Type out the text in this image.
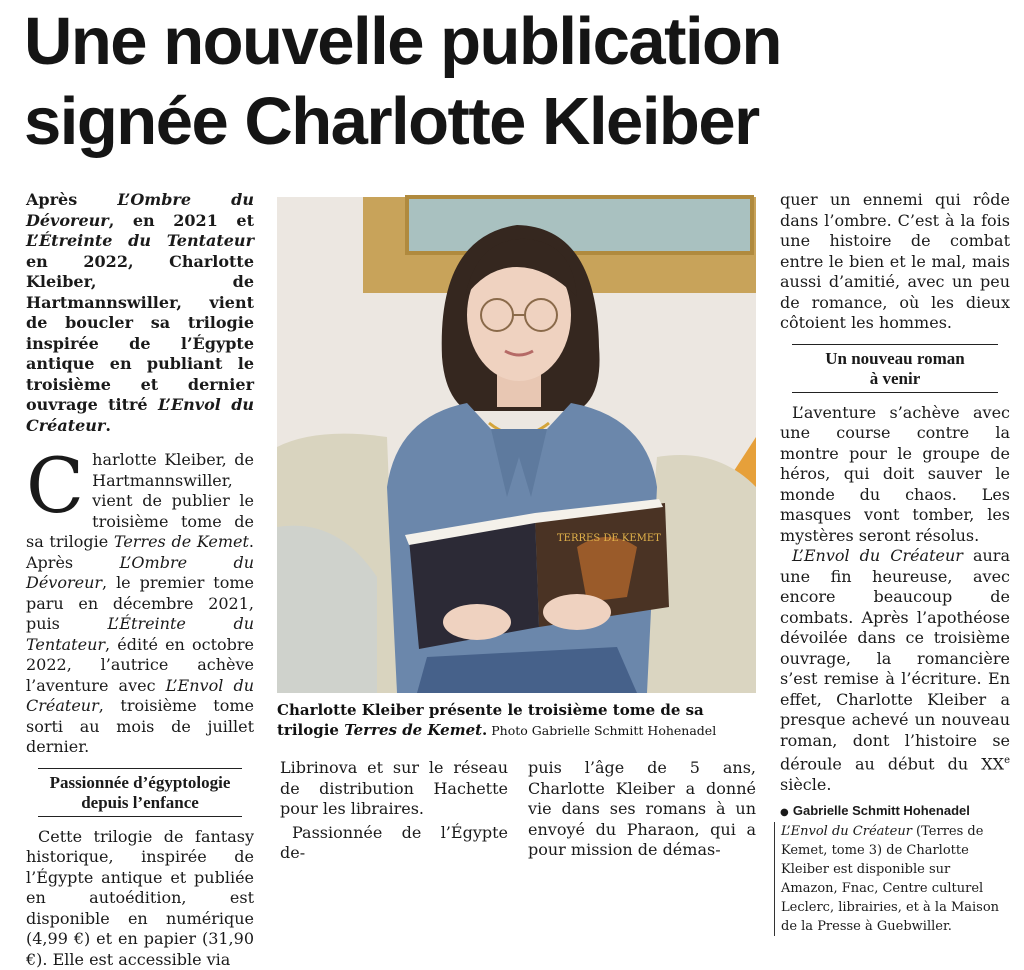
Une nouvelle publication
signée Charlotte Kleiber

Après L’Ombre du Dévoreur, en 2021 et L’Étreinte du Tentateur en 2022, Charlotte Kleiber, de Hartmannswiller, vient de boucler sa trilogie inspirée de l’Égypte antique en publiant le troisième et dernier ouvrage titré L’Envol du Créateur.

Charlotte Kleiber, de Hartmannswiller, vient de publier le troisième tome de sa trilogie Terres de Kemet. Après L’Ombre du Dévoreur, le premier tome paru en décembre 2021, puis L’Étreinte du Tentateur, édité en octobre 2022, l’autrice achève l’aventure avec L’Envol du Créateur, troisième tome sorti au mois de juillet dernier.

Passionnée d’égyptologie
depuis l’enfance

Cette trilogie de fantasy historique, inspirée de l’Égypte antique et publiée en autoédition, est disponible en numérique (4,99 €) et en papier (31,90 €). Elle est accessible via

TERRES DE KEMET
Charlotte Kleiber présente le troisième tome de sa trilogie Terres de Kemet. Photo Gabrielle Schmitt Hohenadel

Librinova et sur le réseau de distribution Hachette pour les libraires.

Passionnée de l’Égypte de-

puis l’âge de 5 ans, Charlotte Kleiber a donné vie dans ses romans à un envoyé du Pharaon, qui a pour mission de démas-

quer un ennemi qui rôde dans l’ombre. C’est à la fois une histoire de combat entre le bien et le mal, mais aussi d’amitié, avec un peu de romance, où les dieux côtoient les hommes.

Un nouveau roman
à venir

L’aventure s’achève avec une course contre la montre pour le groupe de héros, qui doit sauver le monde du chaos. Les masques vont tomber, les mystères seront résolus.

L’Envol du Créateur aura une fin heureuse, avec encore beaucoup de combats. Après l’apothéose dévoilée dans ce troisième ouvrage, la romancière s’est remise à l’écriture. En effet, Charlotte Kleiber a presque achevé un nouveau roman, dont l’histoire se déroule au début du XXe siècle.

● Gabrielle Schmitt Hohenadel
L’Envol du Créateur (Terres de Kemet, tome 3) de Charlotte Kleiber est disponible sur Amazon, Fnac, Centre culturel Leclerc, librairies, et à la Maison de la Presse à Guebwiller.
